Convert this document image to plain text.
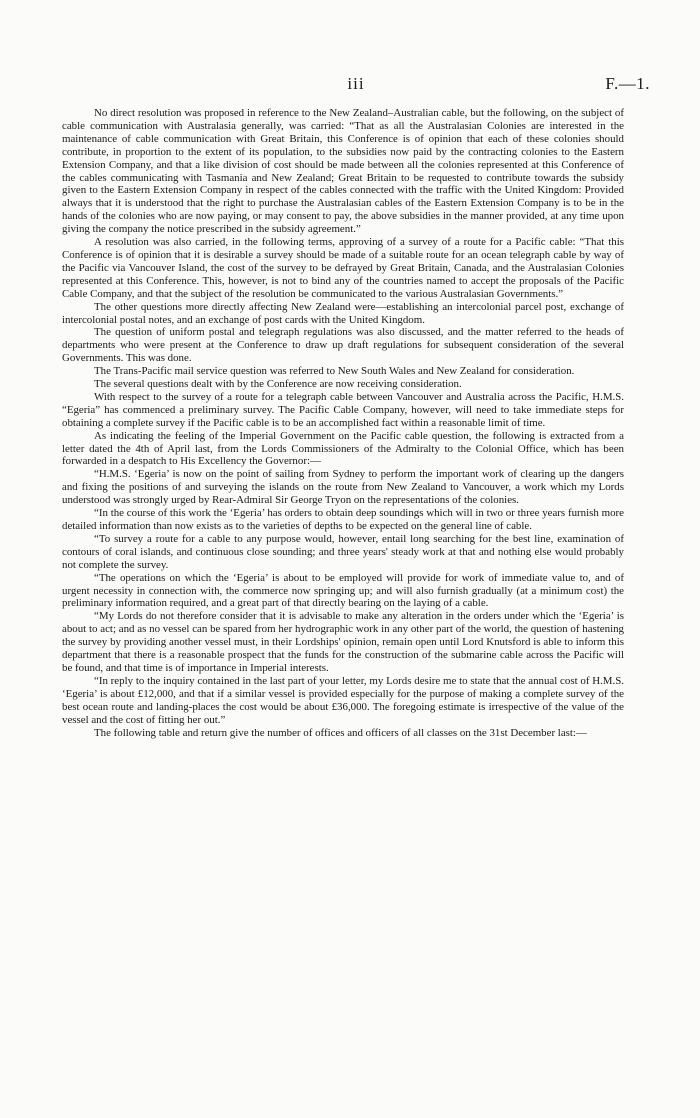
iii	F.—1.

No direct resolution was proposed in reference to the New Zealand–Australian cable, but the following, on the subject of cable communication with Australasia generally, was carried: “That as all the Australasian Colonies are interested in the maintenance of cable communication with Great Britain, this Conference is of opinion that each of these colonies should contribute, in proportion to the extent of its population, to the subsidies now paid by the contracting colonies to the Eastern Extension Company, and that a like division of cost should be made between all the colonies represented at this Conference of the cables communicating with Tasmania and New Zealand; Great Britain to be requested to contribute towards the subsidy given to the Eastern Extension Company in respect of the cables connected with the traffic with the United Kingdom: Provided always that it is understood that the right to purchase the Australasian cables of the Eastern Extension Company is to be in the hands of the colonies who are now paying, or may consent to pay, the above subsidies in the manner provided, at any time upon giving the company the notice prescribed in the subsidy agreement.”

A resolution was also carried, in the following terms, approving of a survey of a route for a Pacific cable: “That this Conference is of opinion that it is desirable a survey should be made of a suitable route for an ocean telegraph cable by way of the Pacific via Vancouver Island, the cost of the survey to be defrayed by Great Britain, Canada, and the Australasian Colonies represented at this Conference. This, however, is not to bind any of the countries named to accept the proposals of the Pacific Cable Company, and that the subject of the resolution be communicated to the various Australasian Governments.”

The other questions more directly affecting New Zealand were—establishing an intercolonial parcel post, exchange of intercolonial postal notes, and an exchange of post cards with the United Kingdom.

The question of uniform postal and telegraph regulations was also discussed, and the matter referred to the heads of departments who were present at the Conference to draw up draft regulations for subsequent consideration of the several Governments. This was done.

The Trans-Pacific mail service question was referred to New South Wales and New Zealand for consideration.

The several questions dealt with by the Conference are now receiving consideration.

With respect to the survey of a route for a telegraph cable between Vancouver and Australia across the Pacific, H.M.S. “Egeria” has commenced a preliminary survey. The Pacific Cable Company, however, will need to take immediate steps for obtaining a complete survey if the Pacific cable is to be an accomplished fact within a reasonable limit of time.

As indicating the feeling of the Imperial Government on the Pacific cable question, the following is extracted from a letter dated the 4th of April last, from the Lords Commissioners of the Admiralty to the Colonial Office, which has been forwarded in a despatch to His Excellency the Governor:—

“H.M.S. ‘Egeria’ is now on the point of sailing from Sydney to perform the important work of clearing up the dangers and fixing the positions of and surveying the islands on the route from New Zealand to Vancouver, a work which my Lords understood was strongly urged by Rear-Admiral Sir George Tryon on the representations of the colonies.

“In the course of this work the ‘Egeria’ has orders to obtain deep soundings which will in two or three years furnish more detailed information than now exists as to the varieties of depths to be expected on the general line of cable.

“To survey a route for a cable to any purpose would, however, entail long searching for the best line, examination of contours of coral islands, and continuous close sounding; and three years' steady work at that and nothing else would probably not complete the survey.

“The operations on which the ‘Egeria’ is about to be employed will provide for work of immediate value to, and of urgent necessity in connection with, the commerce now springing up; and will also furnish gradually (at a minimum cost) the preliminary information required, and a great part of that directly bearing on the laying of a cable.

“My Lords do not therefore consider that it is advisable to make any alteration in the orders under which the ‘Egeria’ is about to act; and as no vessel can be spared from her hydrographic work in any other part of the world, the question of hastening the survey by providing another vessel must, in their Lordships' opinion, remain open until Lord Knutsford is able to inform this department that there is a reasonable prospect that the funds for the construction of the submarine cable across the Pacific will be found, and that time is of importance in Imperial interests.

“In reply to the inquiry contained in the last part of your letter, my Lords desire me to state that the annual cost of H.M.S. ‘Egeria’ is about £12,000, and that if a similar vessel is provided especially for the purpose of making a complete survey of the best ocean route and landing-places the cost would be about £36,000. The foregoing estimate is irrespective of the value of the vessel and the cost of fitting her out.”

The following table and return give the number of offices and officers of all classes on the 31st December last:—
